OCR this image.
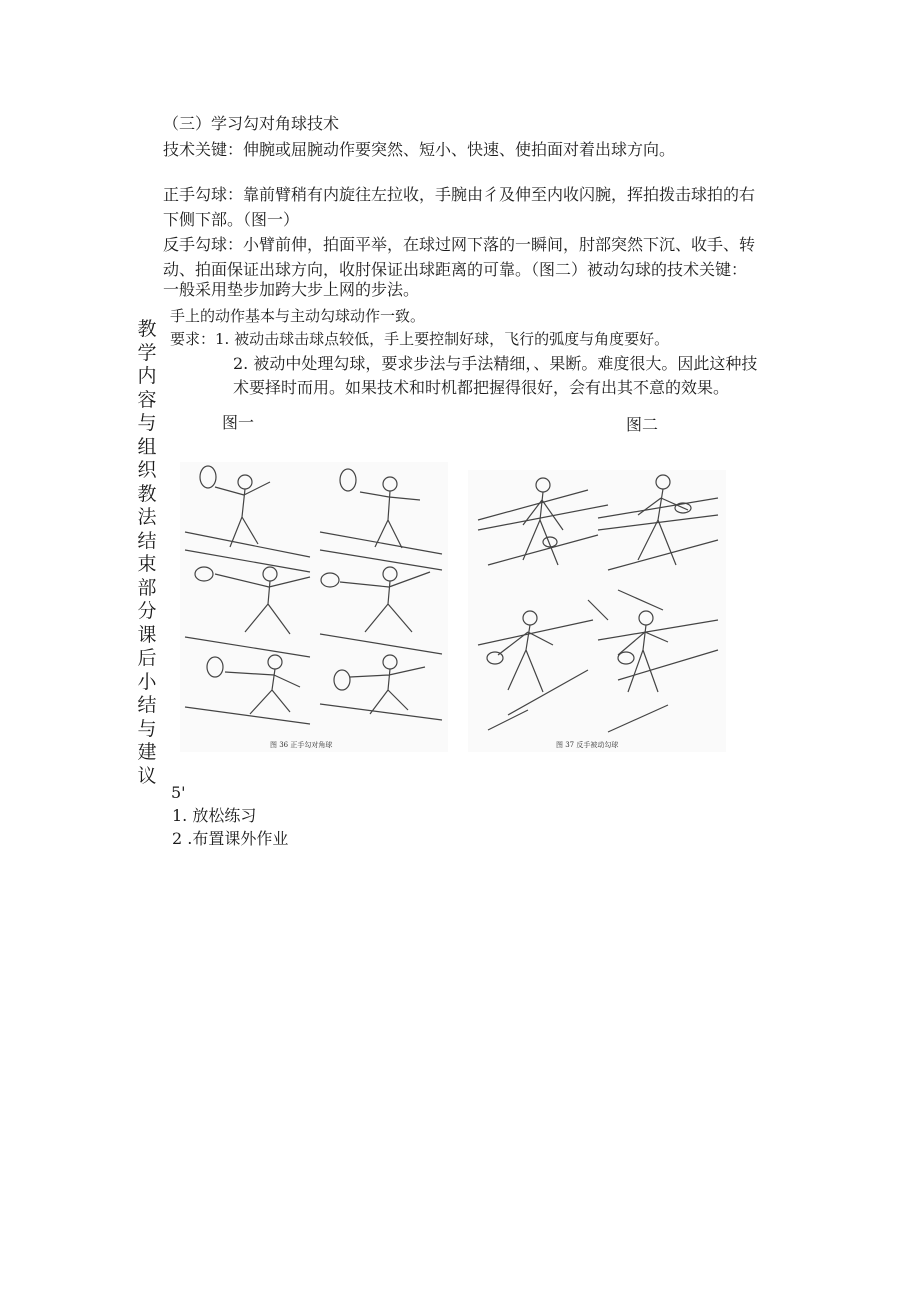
教学内容与组织教法结束部分课后小结与建议
（三）学习勾对角球技术
技术关键：伸腕或屈腕动作要突然、短小、快速、使拍面对着出球方向。
正手勾球：靠前臂稍有内旋往左拉收，手腕由彳及伸至内收闪腕，挥拍拨击球拍的右
下侧下部。（图一）
反手勾球：小臂前伸，拍面平举，在球过网下落的一瞬间，肘部突然下沉、收手、转
动、拍面保证出球方向，收肘保证出球距离的可靠。（图二）被动勾球的技术关键：
一般采用垫步加跨大步上网的步法。
手上的动作基本与主动勾球动作一致。
要求：1. 被动击球击球点较低，手上要控制好球，飞行的弧度与角度要好。
2. 被动中处理勾球，要求步法与手法精细，、果断。难度很大。因此这种技
术要择时而用。如果技术和时机都把握得很好，会有出其不意的效果。
图一	图二
图 36 正手勾对角球	图 37 反手被动勾球
5'
1. 放松练习
2 .布置课外作业
